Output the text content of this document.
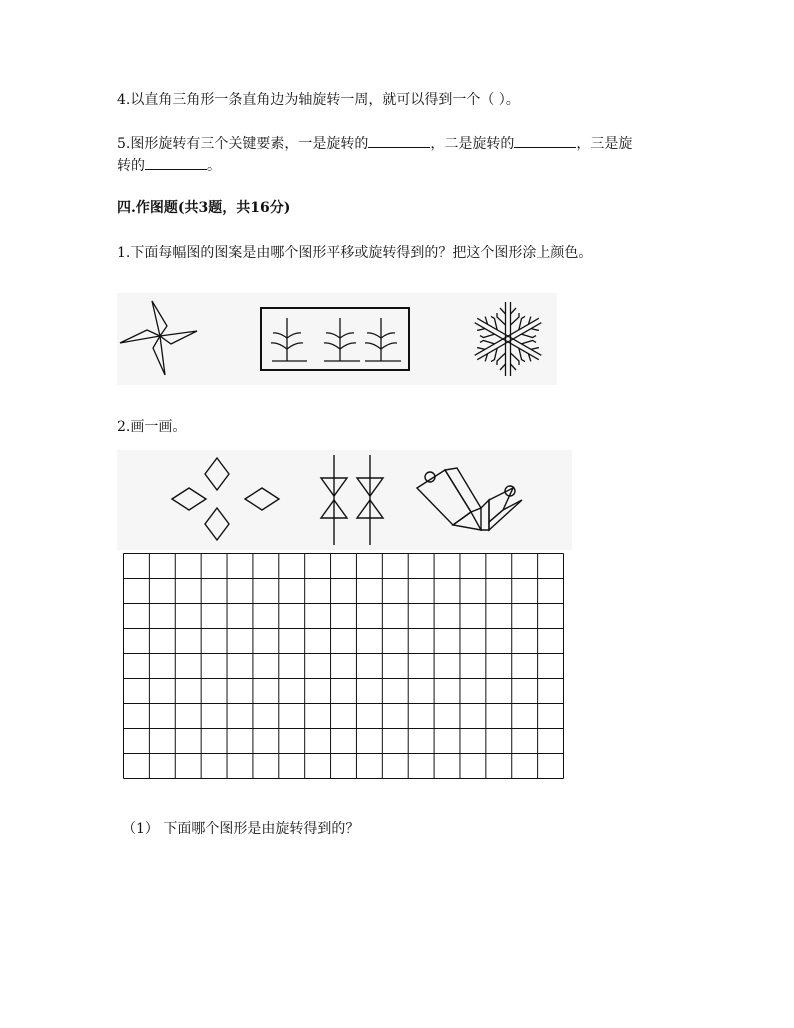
4.以直角三角形一条直角边为轴旋转一周，就可以得到一个（ ）。
5.图形旋转有三个关键要素，一是旋转的	，二是旋转的	，三是旋
转的	。
四.作图题(共3题，共16分)
1.下面每幅图的图案是由哪个图形平移或旋转得到的？把这个图形涂上颜色。
2.画一画。
（1） 下面哪个图形是由旋转得到的？
